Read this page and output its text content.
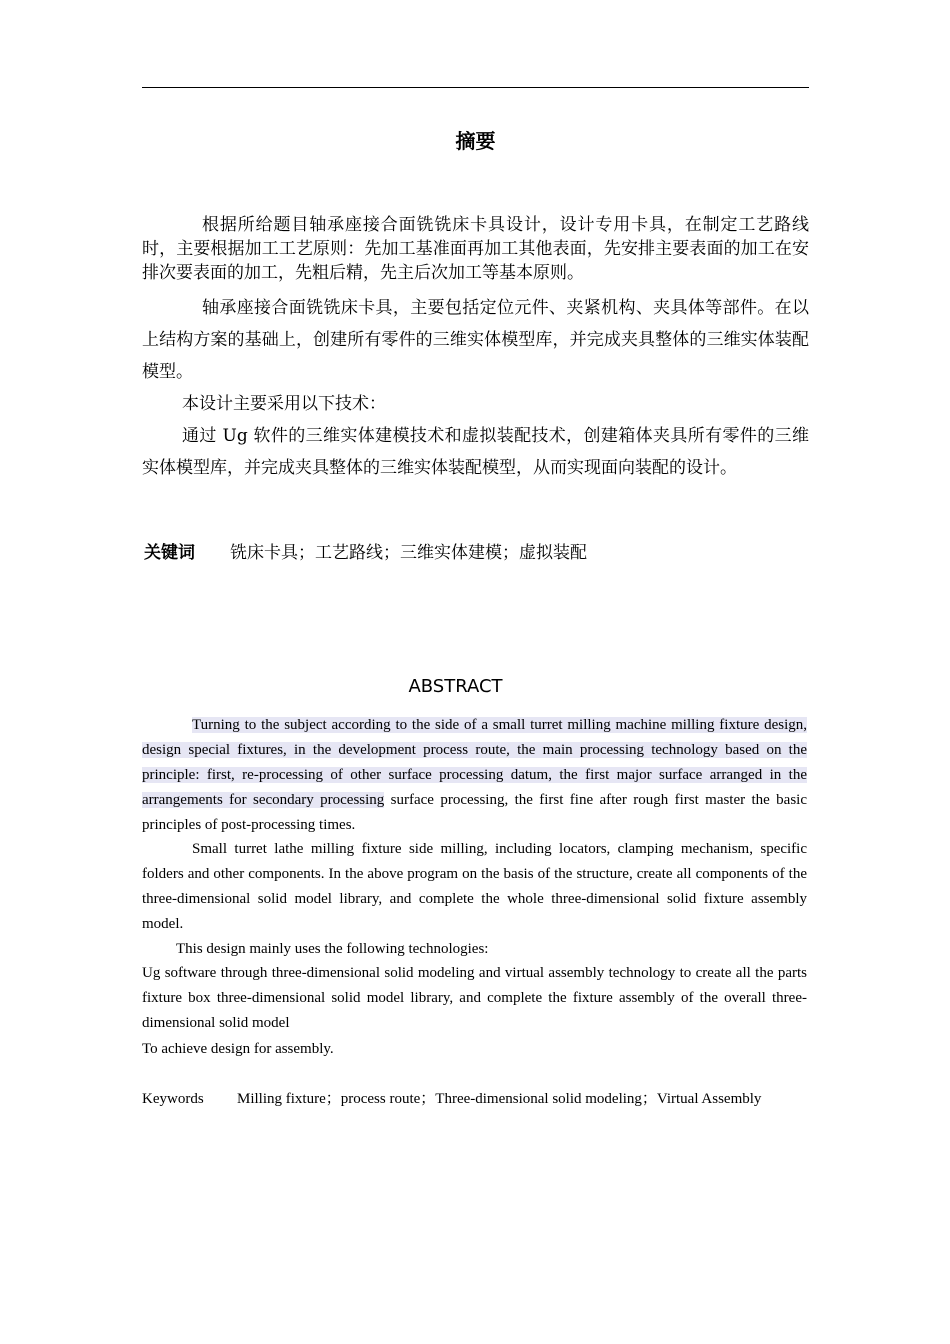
摘要
根据所给题目轴承座接合面铣铣床卡具设计，设计专用卡具，在制定工艺路线时，主要根据加工工艺原则：先加工基准面再加工其他表面，先安排主要表面的加工在安排次要表面的加工，先粗后精，先主后次加工等基本原则。
轴承座接合面铣铣床卡具，主要包括定位元件、夹紧机构、夹具体等部件。在以上结构方案的基础上，创建所有零件的三维实体模型库，并完成夹具整体的三维实体装配模型。
本设计主要采用以下技术：
通过 Ug 软件的三维实体建模技术和虚拟装配技术，创建箱体夹具所有零件的三维实体模型库，并完成夹具整体的三维实体装配模型，从而实现面向装配的设计。
关键词 铣床卡具；工艺路线；三维实体建模；虚拟装配
ABSTRACT
Turning to the subject according to the side of a small turret milling machine milling fixture design, design special fixtures, in the development process route, the main processing technology based on the principle: first, re-processing of other surface processing datum, the first major surface arranged in the arrangements for secondary processing surface processing, the first fine after rough first master the basic principles of post-processing times.
Small turret lathe milling fixture side milling, including locators, clamping mechanism, specific folders and other components. In the above program on the basis of the structure, create all components of the three-dimensional solid model library, and complete the whole three-dimensional solid fixture assembly model.
This design mainly uses the following technologies:
Ug software through three-dimensional solid modeling and virtual assembly technology to create all the parts fixture box three-dimensional solid model library, and complete the fixture assembly of the overall three-dimensional solid model
To achieve design for assembly.
Keywords Milling fixture；process route；Three-dimensional solid modeling；Virtual Assembly
